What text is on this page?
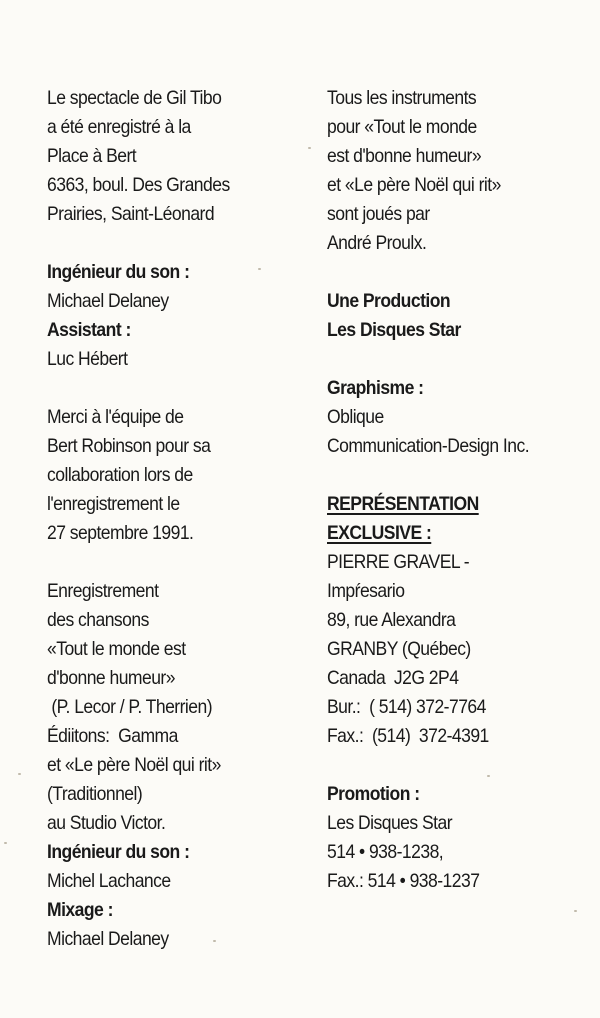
Le spectacle de Gil Tibo
a été enregistré à la
Place à Bert
6363, boul. Des Grandes
Prairies, Saint-Léonard
Ingénieur du son :
Michael Delaney
Assistant :
Luc Hébert
Merci à l'équipe de
Bert Robinson pour sa
collaboration lors de
l'enregistrement le
27 septembre 1991.
Enregistrement
des chansons
«Tout le monde est
d'bonne humeur»
(P. Lecor / P. Therrien)
Édiitons:  Gamma
et «Le père Noël qui rit»
(Traditionnel)
au Studio Victor.
Ingénieur du son :
Michel Lachance
Mixage :
Michael Delaney
Tous les instruments
pour «Tout le monde
est d'bonne humeur»
et «Le père Noël qui rit»
sont joués par
André Proulx.
Une Production
Les Disques Star
Graphisme :
Oblique
Communication-Design Inc.
REPRÉSENTATION
EXCLUSIVE :
PIERRE GRAVEL -
Impŕesario
89, rue Alexandra
GRANBY (Québec)
Canada  J2G 2P4
Bur.:  ( 514) 372-7764
Fax.:  (514)  372-4391
Promotion :
Les Disques Star
514 • 938-1238,
Fax.: 514 • 938-1237
